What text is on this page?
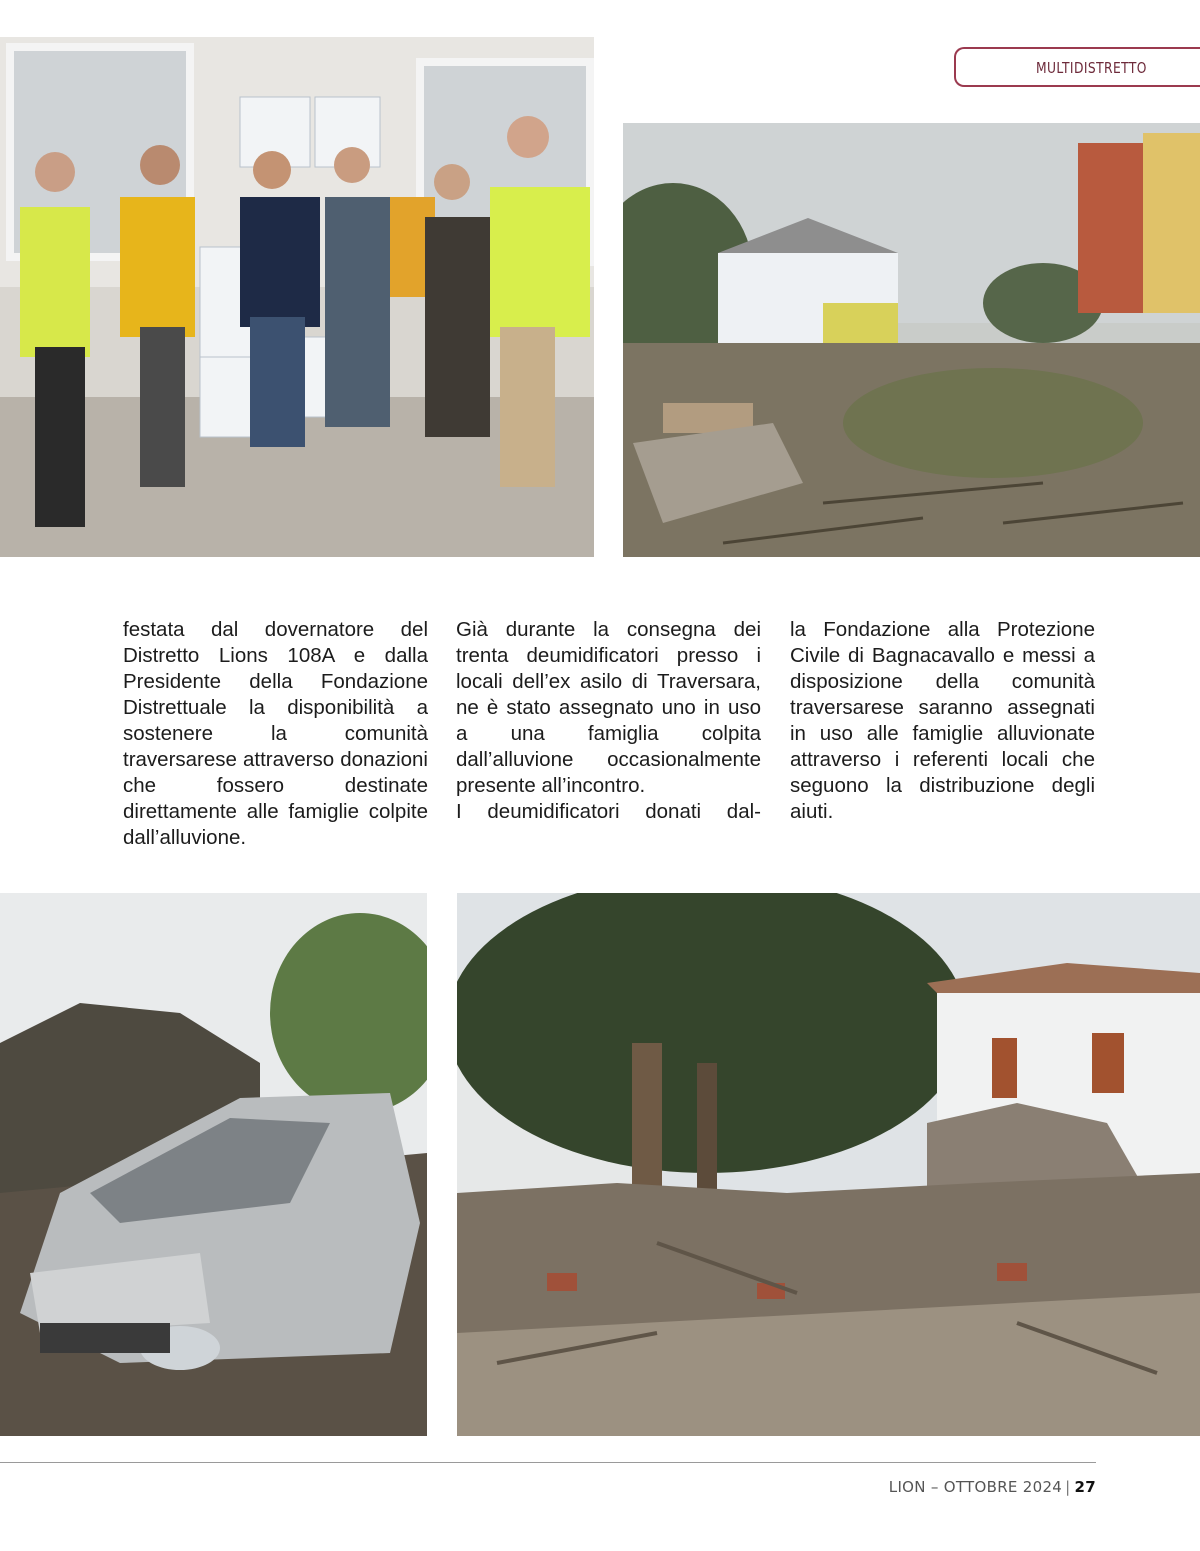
MULTIDISTRETTO

festata dal dovernatore del Distretto Lions 108A e dalla Presidente della Fondazione Distrettuale la disponibilità a sostenere la comunità traversarese attraverso donazioni che fossero destinate direttamente alle famiglie colpite dall’alluvione.

Già durante la consegna dei trenta deumidificatori presso i locali dell’ex asilo di Traversara, ne è stato assegnato uno in uso a una famiglia colpita dall’alluvione occasionalmente presente all’incontro.

I deumidificatori donati dal-

la Fondazione alla Protezione Civile di Bagnacavallo e messi a disposizione della comunità traversarese saranno assegnati in uso alle famiglie alluvionate attraverso i referenti locali che seguono la distribuzione degli aiuti.

LION – OTTOBRE 2024 | 27
